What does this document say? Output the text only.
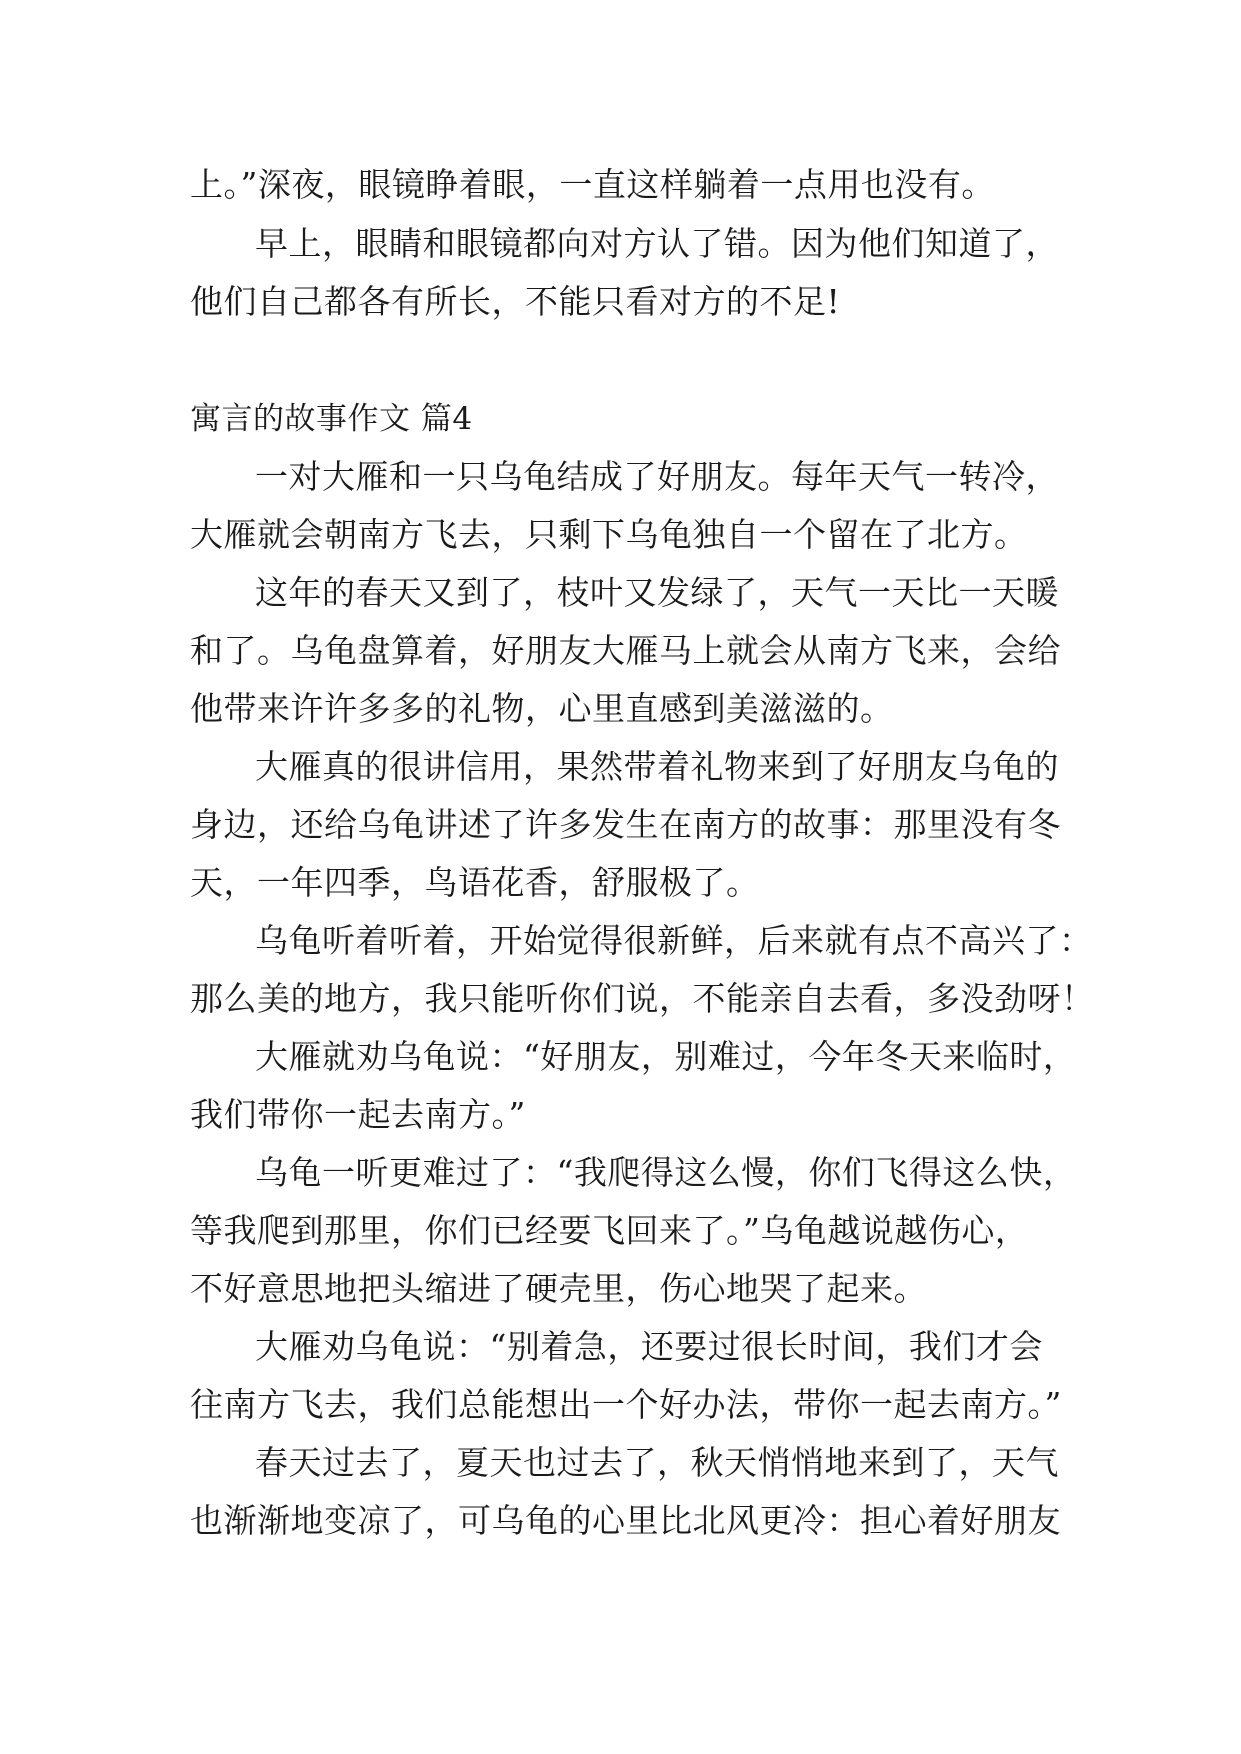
上。”深夜，眼镜睁着眼，一直这样躺着一点用也没有。
早上，眼睛和眼镜都向对方认了错。因为他们知道了，
他们自己都各有所长，不能只看对方的不足!
寓言的故事作文 篇4
一对大雁和一只乌龟结成了好朋友。每年天气一转冷，
大雁就会朝南方飞去，只剩下乌龟独自一个留在了北方。
这年的春天又到了，枝叶又发绿了，天气一天比一天暖
和了。乌龟盘算着，好朋友大雁马上就会从南方飞来，会给
他带来许许多多的礼物，心里直感到美滋滋的。
大雁真的很讲信用，果然带着礼物来到了好朋友乌龟的
身边，还给乌龟讲述了许多发生在南方的故事：那里没有冬
天，一年四季，鸟语花香，舒服极了。
乌龟听着听着，开始觉得很新鲜，后来就有点不高兴了：
那么美的地方，我只能听你们说，不能亲自去看，多没劲呀！
大雁就劝乌龟说：“好朋友，别难过，今年冬天来临时，
我们带你一起去南方。”
乌龟一听更难过了：“我爬得这么慢，你们飞得这么快，
等我爬到那里，你们已经要飞回来了。”乌龟越说越伤心，
不好意思地把头缩进了硬壳里，伤心地哭了起来。
大雁劝乌龟说：“别着急，还要过很长时间，我们才会
往南方飞去，我们总能想出一个好办法，带你一起去南方。”
春天过去了，夏天也过去了，秋天悄悄地来到了，天气
也渐渐地变凉了，可乌龟的心里比北风更冷：担心着好朋友
